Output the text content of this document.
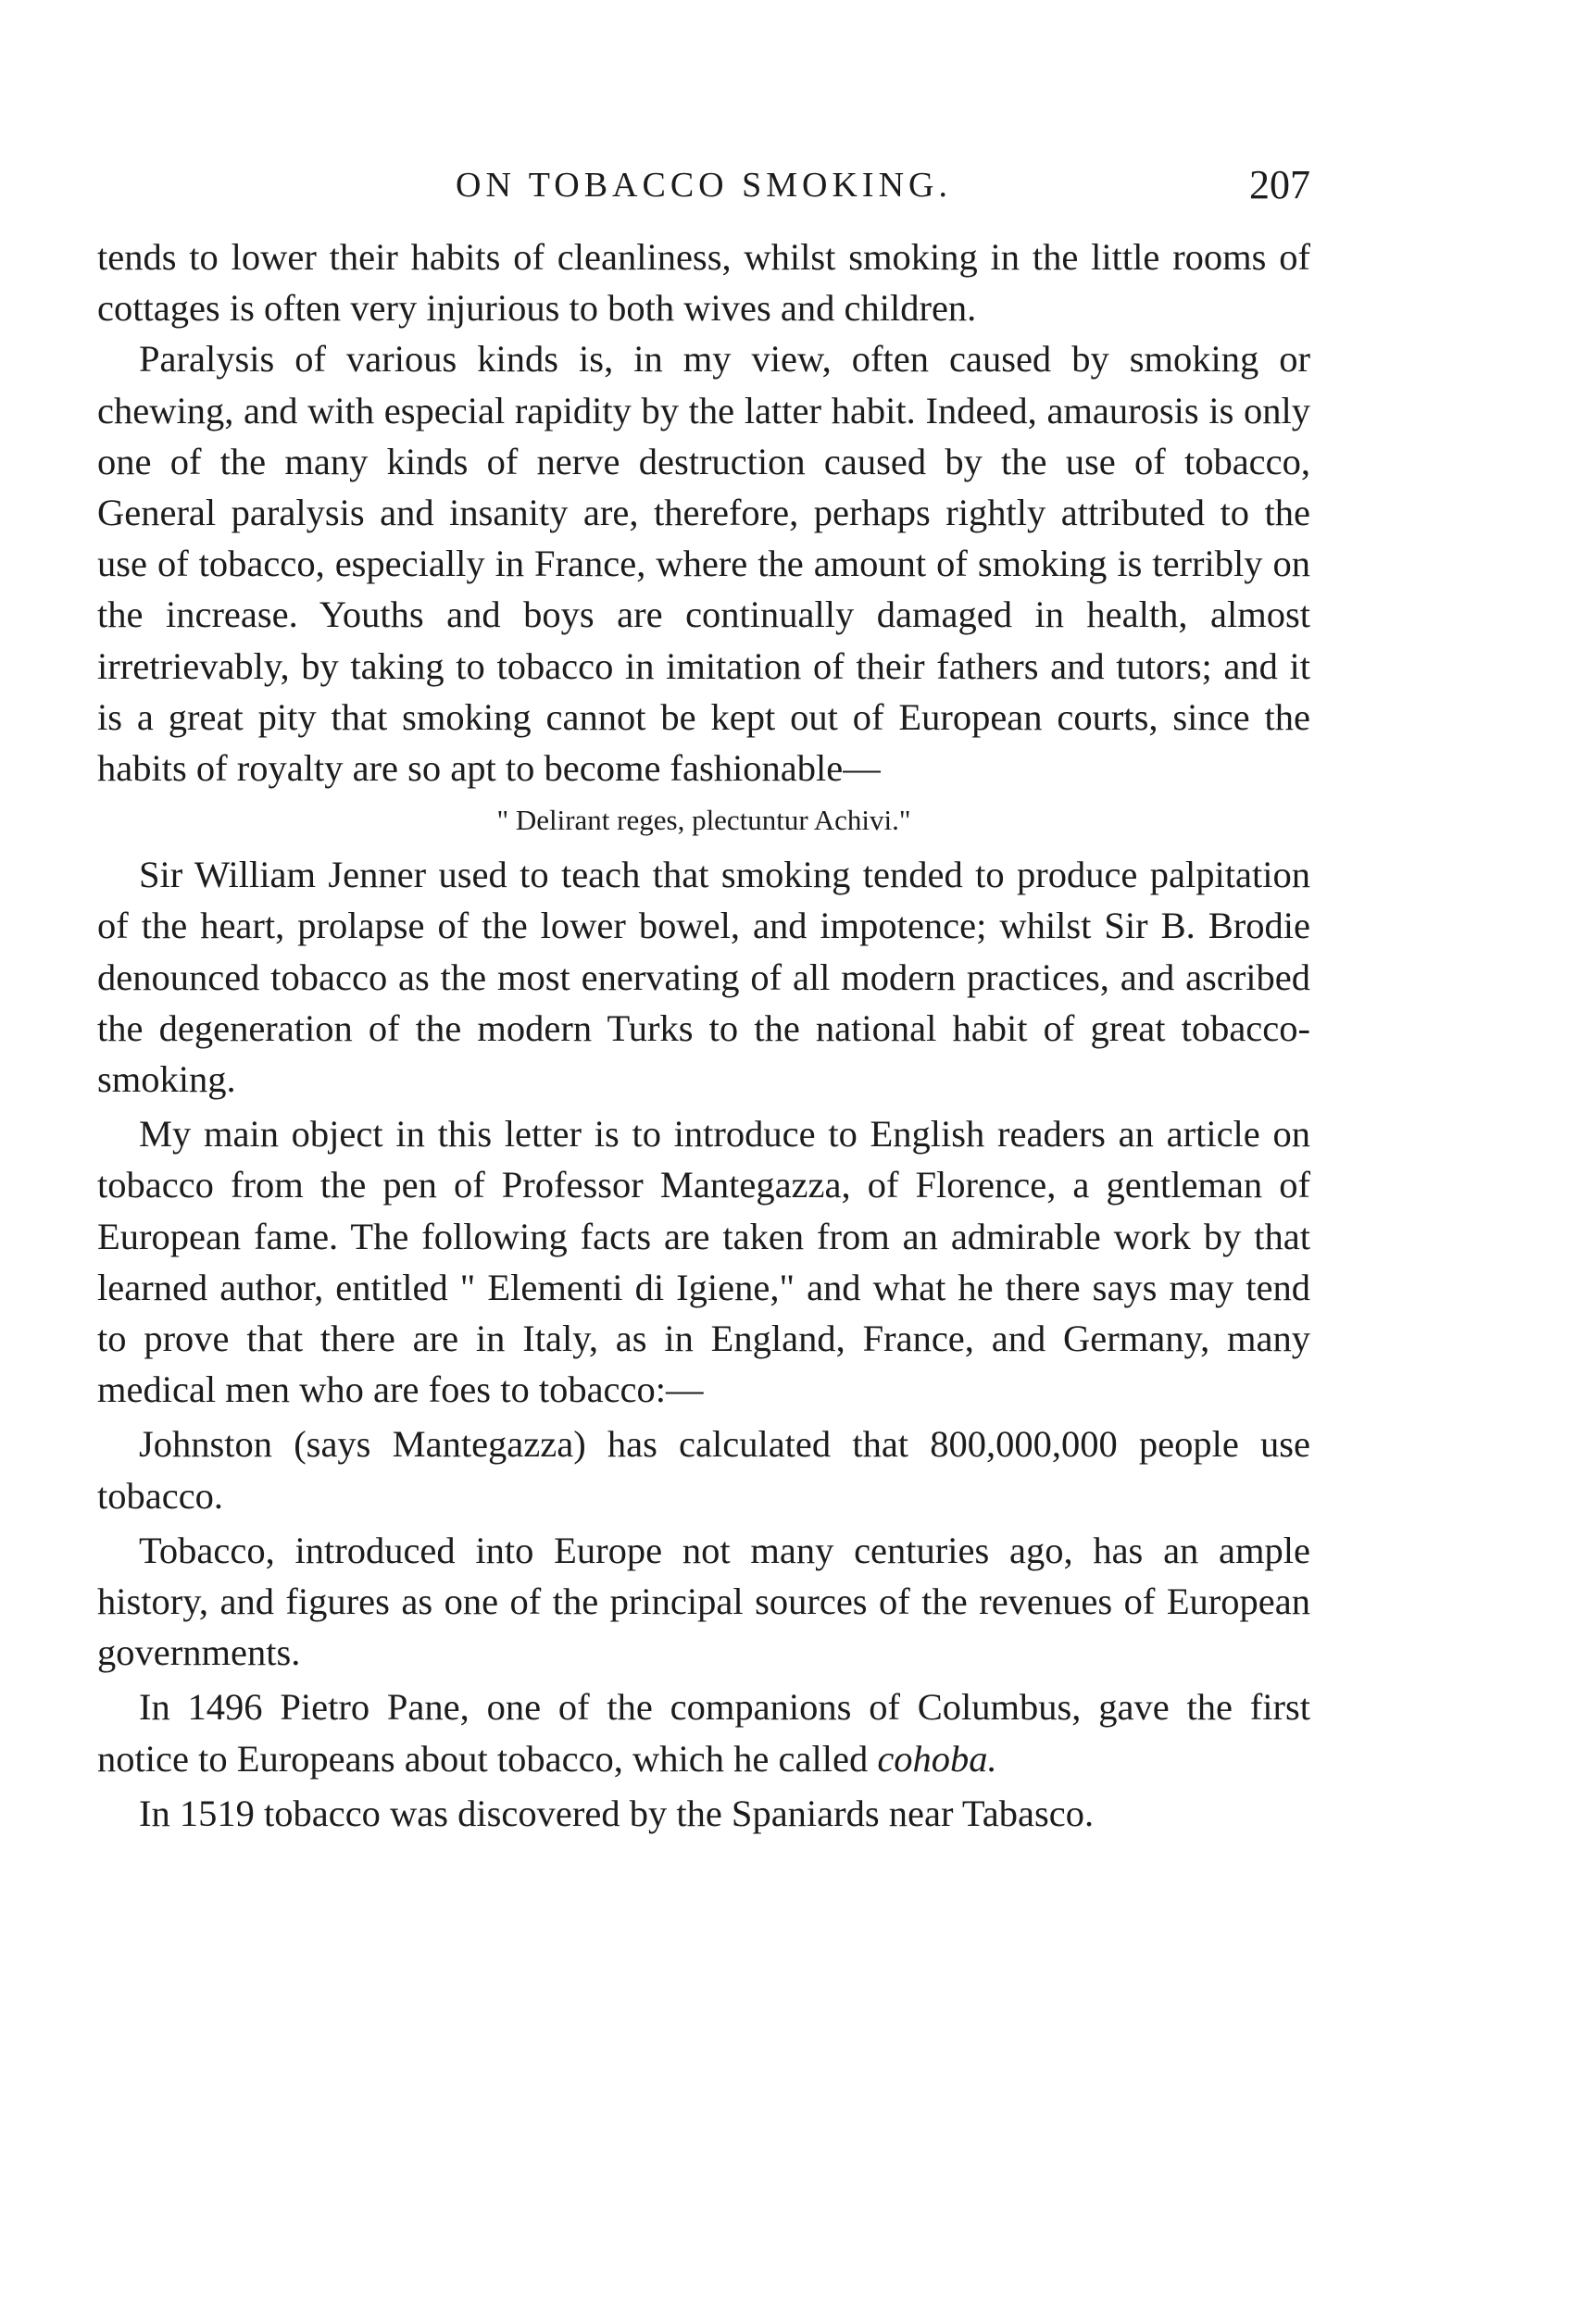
ON TOBACCO SMOKING.	207

tends to lower their habits of cleanliness, whilst smoking in the little rooms of cottages is often very injurious to both wives and children.

Paralysis of various kinds is, in my view, often caused by smoking or chewing, and with especial rapidity by the latter habit. Indeed, amaurosis is only one of the many kinds of nerve destruction caused by the use of tobacco, General paralysis and insanity are, therefore, perhaps rightly attributed to the use of tobacco, especially in France, where the amount of smoking is terribly on the increase. Youths and boys are continually damaged in health, almost irretrievably, by taking to tobacco in imitation of their fathers and tutors; and it is a great pity that smoking cannot be kept out of European courts, since the habits of royalty are so apt to become fashionable—

" Delirant reges, plectuntur Achivi."

Sir William Jenner used to teach that smoking tended to produce palpitation of the heart, prolapse of the lower bowel, and impotence; whilst Sir B. Brodie denounced tobacco as the most enervating of all modern practices, and ascribed the degeneration of the modern Turks to the national habit of great tobacco-smoking.

My main object in this letter is to introduce to English readers an article on tobacco from the pen of Professor Mantegazza, of Florence, a gentleman of European fame. The following facts are taken from an admirable work by that learned author, entitled " Elementi di Igiene," and what he there says may tend to prove that there are in Italy, as in England, France, and Germany, many medical men who are foes to tobacco:—

Johnston (says Mantegazza) has calculated that 800,000,000 people use tobacco.

Tobacco, introduced into Europe not many centuries ago, has an ample history, and figures as one of the principal sources of the revenues of European governments.

In 1496 Pietro Pane, one of the companions of Columbus, gave the first notice to Europeans about tobacco, which he called cohoba.

In 1519 tobacco was discovered by the Spaniards near Tabasco.
